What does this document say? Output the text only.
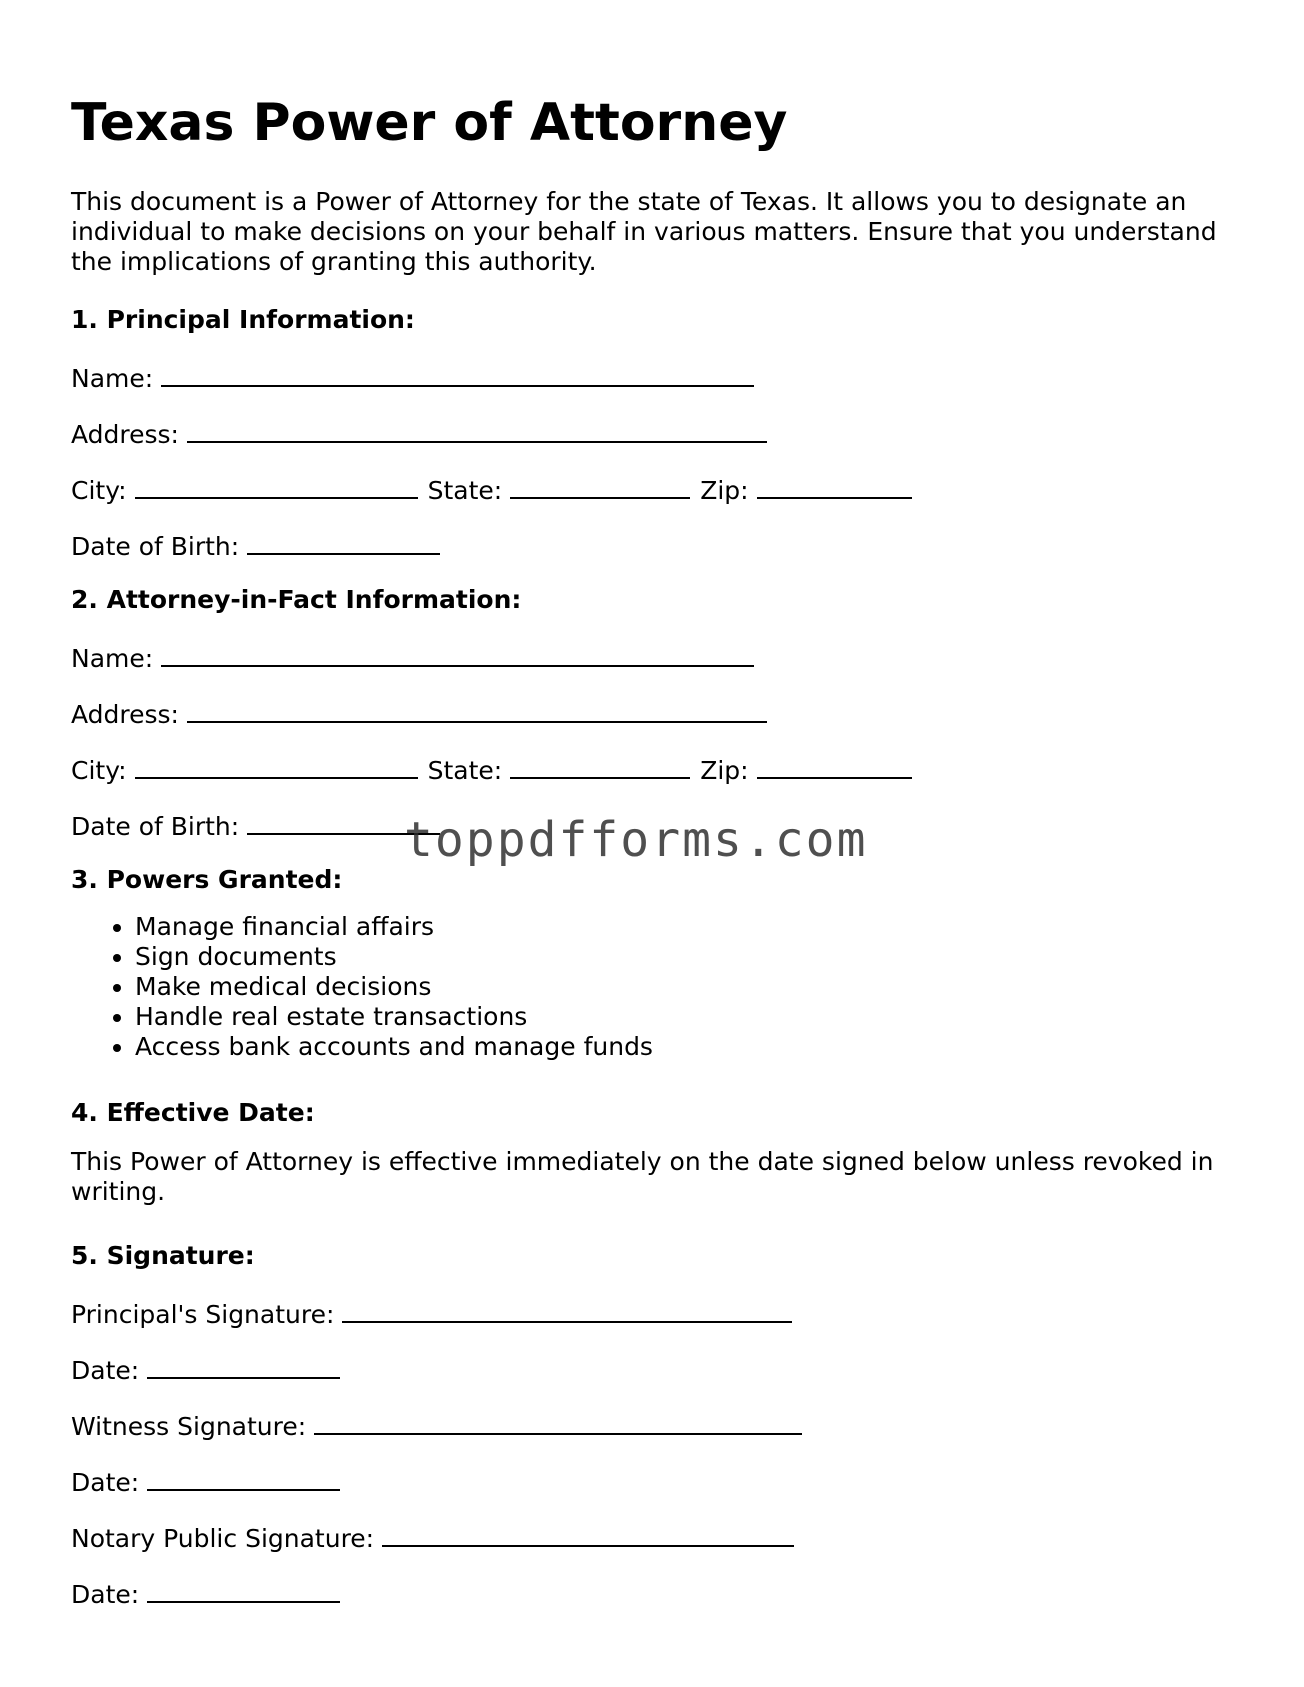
Texas Power of Attorney

This document is a Power of Attorney for the state of Texas. It allows you to designate an individual to make decisions on your behalf in various matters. Ensure that you understand the implications of granting this authority.

1. Principal Information:
Name:
Address:
City:	State:	Zip:
Date of Birth:
2. Attorney-in-Fact Information:
Name:
Address:
City:	State:	Zip:
Date of Birth:
3. Powers Granted:
• Manage financial affairs
• Sign documents
• Make medical decisions
• Handle real estate transactions
• Access bank accounts and manage funds
4. Effective Date:

This Power of Attorney is effective immediately on the date signed below unless revoked in writing.

5. Signature:
Principal's Signature:
Date:
Witness Signature:
Date:
Notary Public Signature:
Date:
toppdfforms.com
